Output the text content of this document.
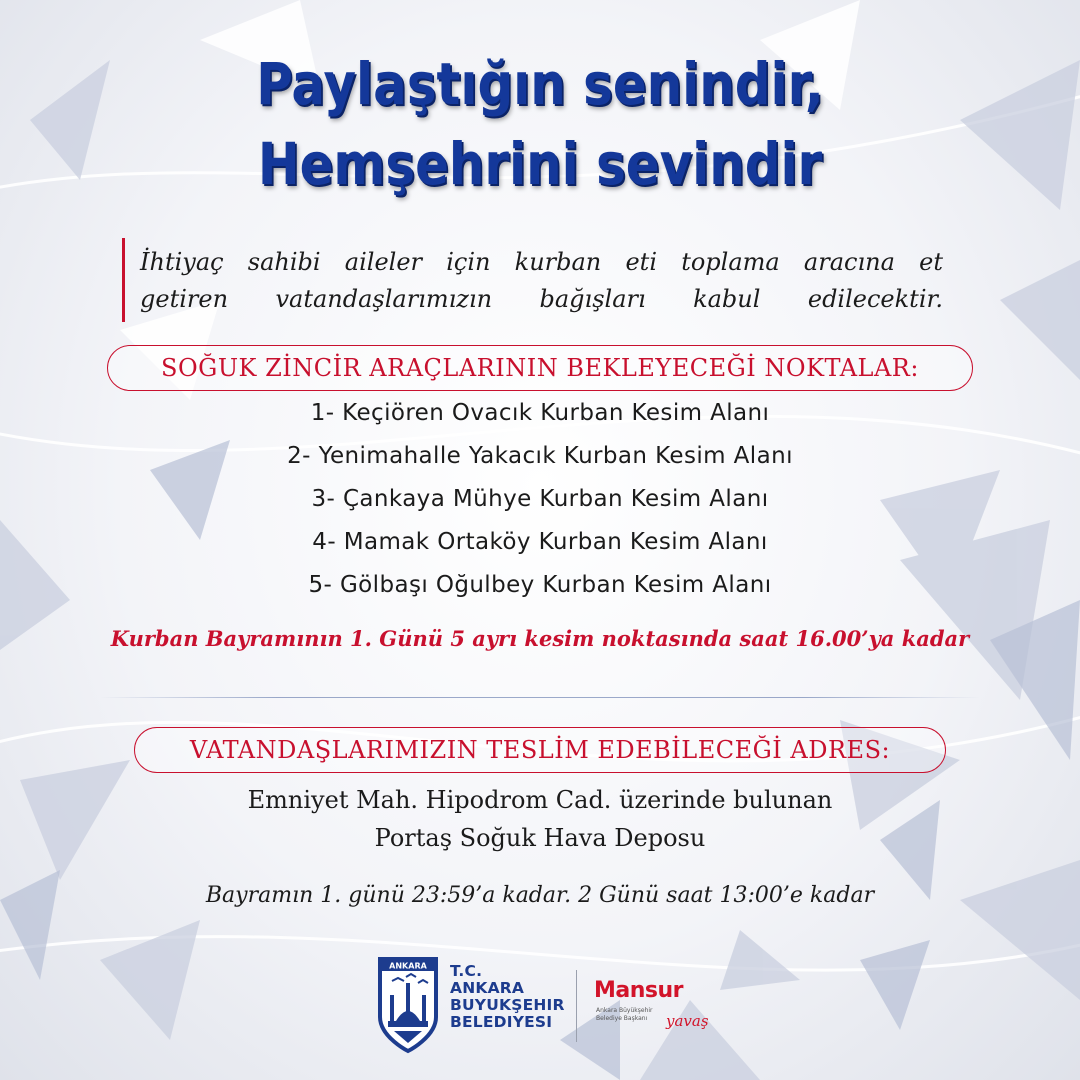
Paylaştığın senindir,
Hemşehrini sevindir
İhtiyaç sahibi aileler için kurban eti toplama aracına et
getiren vatandaşlarımızın bağışları kabul edilecektir.
SOĞUK ZİNCİR ARAÇLARININ BEKLEYECEĞİ NOKTALAR:
1- Keçiören Ovacık Kurban Kesim Alanı
2- Yenimahalle Yakacık Kurban Kesim Alanı
3- Çankaya Mühye Kurban Kesim Alanı
4- Mamak Ortaköy Kurban Kesim Alanı
5- Gölbaşı Oğulbey Kurban Kesim Alanı
Kurban Bayramının 1. Günü 5 ayrı kesim noktasında saat 16.00’ya kadar
VATANDAŞLARIMIZIN TESLİM EDEBİLECEĞİ ADRES:
Emniyet Mah. Hipodrom Cad. üzerinde bulunan
Portaş Soğuk Hava Deposu
Bayramın 1. günü 23:59’a kadar. 2 Günü saat 13:00’e kadar
ANKARA T.C.
ANKARA
BUYUKŞEHIR
BELEDIYESI
Mansur
Ankara Büyükşehir
Belediye Başkanı yavaş
